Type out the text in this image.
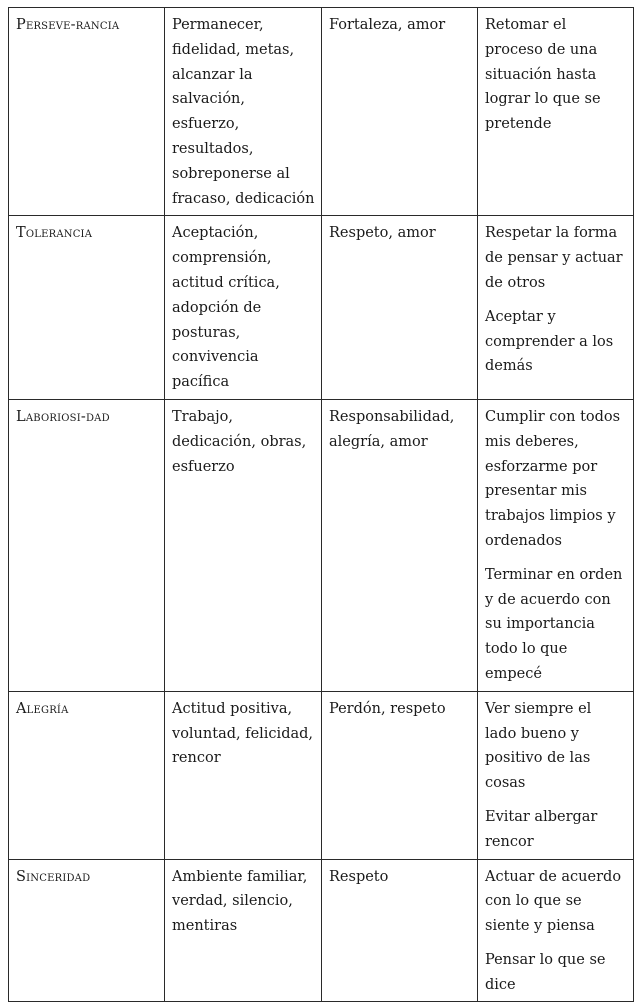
Perseve-rancia	Permanecer, fidelidad, metas, alcanzar la salvación, esfuerzo, resultados, sobreponerse al fracaso, dedicación	Fortaleza, amor	Retomar el proceso de una situación hasta lograr lo que se pretende

Tolerancia	Aceptación, comprensión, actitud crítica, adopción de posturas, convivencia pacífica	Respeto, amor	Respetar la forma de pensar y actuar de otros
Aceptar y comprender a los demás

Laboriosi-dad	Trabajo, dedicación, obras, esfuerzo	Responsabilidad, alegría, amor	Cumplir con todos mis deberes, esforzarme por presentar mis trabajos limpios y ordenados
Terminar en orden y de acuerdo con su importancia todo lo que empecé

Alegría	Actitud positiva, voluntad, felicidad, rencor	Perdón, respeto	Ver siempre el lado bueno y positivo de las cosas
Evitar albergar rencor

Sinceridad	Ambiente familiar, verdad, silencio, mentiras	Respeto	Actuar de acuerdo con lo que se siente y piensa
Pensar lo que se dice
